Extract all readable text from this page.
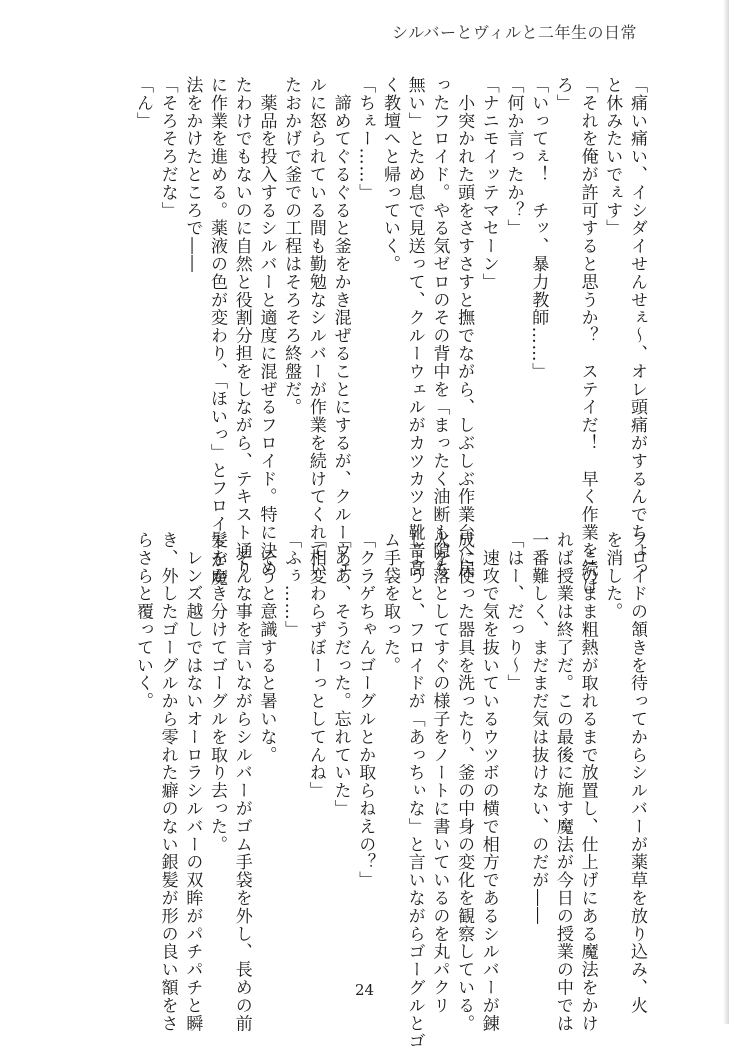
シルバーとヴィルと二年生の日常

「痛い痛い、イシダイせんせぇ～、オレ頭痛がするんでちょっ

と休みたいでぇす」

「それを俺が許可すると思うか？　ステイだ！　早く作業を続け

ろ」

「いってぇ！　チッ、暴力教師……」

「何か言ったか？」

「ナニモイッテマセーン」

　小突かれた頭をさすさすと撫でながら、しぶしぶ作業台へ戻

ったフロイド。やる気ゼロのその背中を「まったく油断も隙も

無い」とため息で見送って、クルーウェルがカツカツと靴音高

く教壇へと帰っていく。

「ちぇー……」

　諦めてぐるぐると釜をかき混ぜることにするが、クルーウェ

ルに怒られている間も勤勉なシルバーが作業を続けてくれてい

たおかげで釜での工程はそろそろ終盤だ。

　薬品を投入するシルバーと適度に混ぜるフロイド。特に決め

たわけでもないのに自然と役割分担をしながら、テキスト通り

に作業を進める。薬液の色が変わり、「ほいっ」とフロイドが魔

法をかけたところで――

「そろそろだな」

「ん」

フロイドの頷きを待ってからシルバーが薬草を放り込み、火

を消した。

　このまま粗熱が取れるまで放置し、仕上げにある魔法をかけ

れば授業は終了だ。この最後に施す魔法が今日の授業の中では

一番難しく、まだまだ気は抜けない、のだが――

「はー、だっり～」

　速攻で気を抜いているウツボの横で相方であるシルバーが錬

成に使った器具を洗ったり、釜の中身の変化を観察している。

火を落としてすぐの様子をノートに書いているのを丸パクリ

しようと、フロイドが「あっちぃな」と言いながらゴーグルとゴ

ム手袋を取った。

「クラゲちゃんゴーグルとか取らねえの？」

「ああ、そうだった。忘れていた」

「相変わらずぼーっとしてんね」

「ふぅ……」

　そうと意識すると暑いな。

　そんな事を言いながらシルバーがゴム手袋を外し、長めの前

髪をかき分けてゴーグルを取り去った。

　レンズ越しではないオーロラシルバーの双眸がパチパチと瞬

き、外したゴーグルから零れた癖のない銀髪が形の良い額をさ

らさらと覆っていく。

24
